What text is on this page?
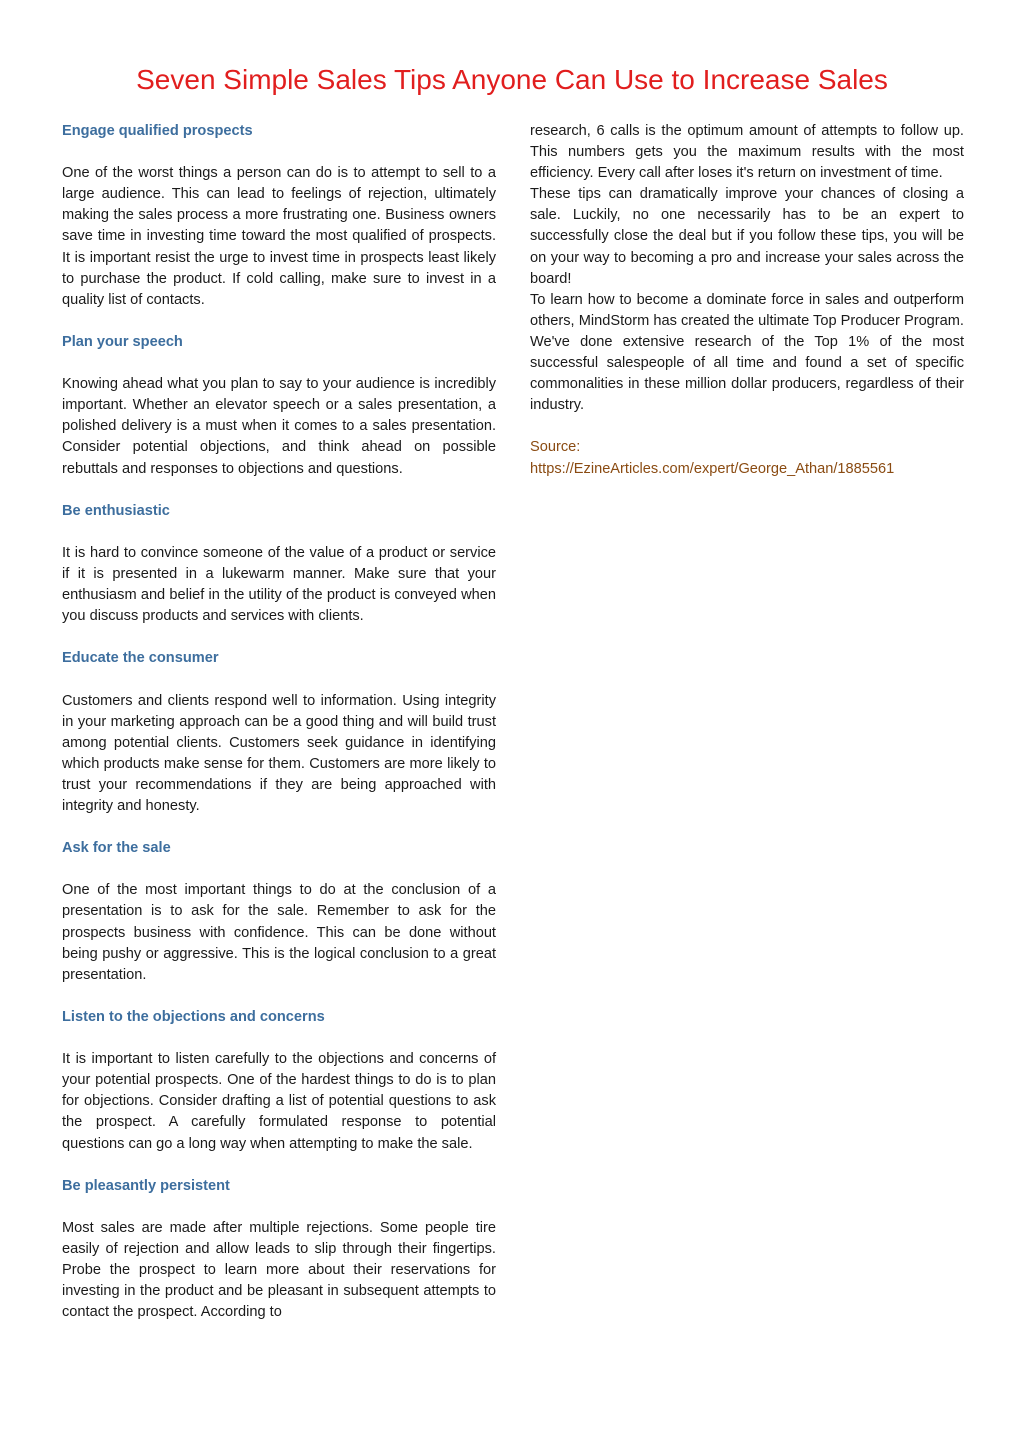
Seven Simple Sales Tips Anyone Can Use to Increase Sales

Engage qualified prospects

One of the worst things a person can do is to attempt to sell to a large audience. This can lead to feelings of rejection, ultimately making the sales process a more frustrating one. Business owners save time in investing time toward the most qualified of prospects. It is important resist the urge to invest time in prospects least likely to purchase the product. If cold calling, make sure to invest in a quality list of contacts.

Plan your speech

Knowing ahead what you plan to say to your audience is incredibly important. Whether an elevator speech or a sales presentation, a polished delivery is a must when it comes to a sales presentation. Consider potential objections, and think ahead on possible rebuttals and responses to objections and questions.

Be enthusiastic

It is hard to convince someone of the value of a product or service if it is presented in a lukewarm manner. Make sure that your enthusiasm and belief in the utility of the product is conveyed when you discuss products and services with clients.

Educate the consumer

Customers and clients respond well to information. Using integrity in your marketing approach can be a good thing and will build trust among potential clients. Customers seek guidance in identifying which products make sense for them. Customers are more likely to trust your recommendations if they are being approached with integrity and honesty.

Ask for the sale

One of the most important things to do at the conclusion of a presentation is to ask for the sale. Remember to ask for the prospects business with confidence. This can be done without being pushy or aggressive. This is the logical conclusion to a great presentation.

Listen to the objections and concerns

It is important to listen carefully to the objections and concerns of your potential prospects. One of the hardest things to do is to plan for objections. Consider drafting a list of potential questions to ask the prospect. A carefully formulated response to potential questions can go a long way when attempting to make the sale.

Be pleasantly persistent

Most sales are made after multiple rejections. Some people tire easily of rejection and allow leads to slip through their fingertips. Probe the prospect to learn more about their reservations for investing in the product and be pleasant in subsequent attempts to contact the prospect. According to

research, 6 calls is the optimum amount of attempts to follow up. This numbers gets you the maximum results with the most efficiency. Every call after loses it's return on investment of time.

These tips can dramatically improve your chances of closing a sale. Luckily, no one necessarily has to be an expert to successfully close the deal but if you follow these tips, you will be on your way to becoming a pro and increase your sales across the board!

To learn how to become a dominate force in sales and outperform others, MindStorm has created the ultimate Top Producer Program. We've done extensive research of the Top 1% of the most successful salespeople of all time and found a set of specific commonalities in these million dollar producers, regardless of their industry.

Source:

https://EzineArticles.com/expert/George_Athan/1885561
